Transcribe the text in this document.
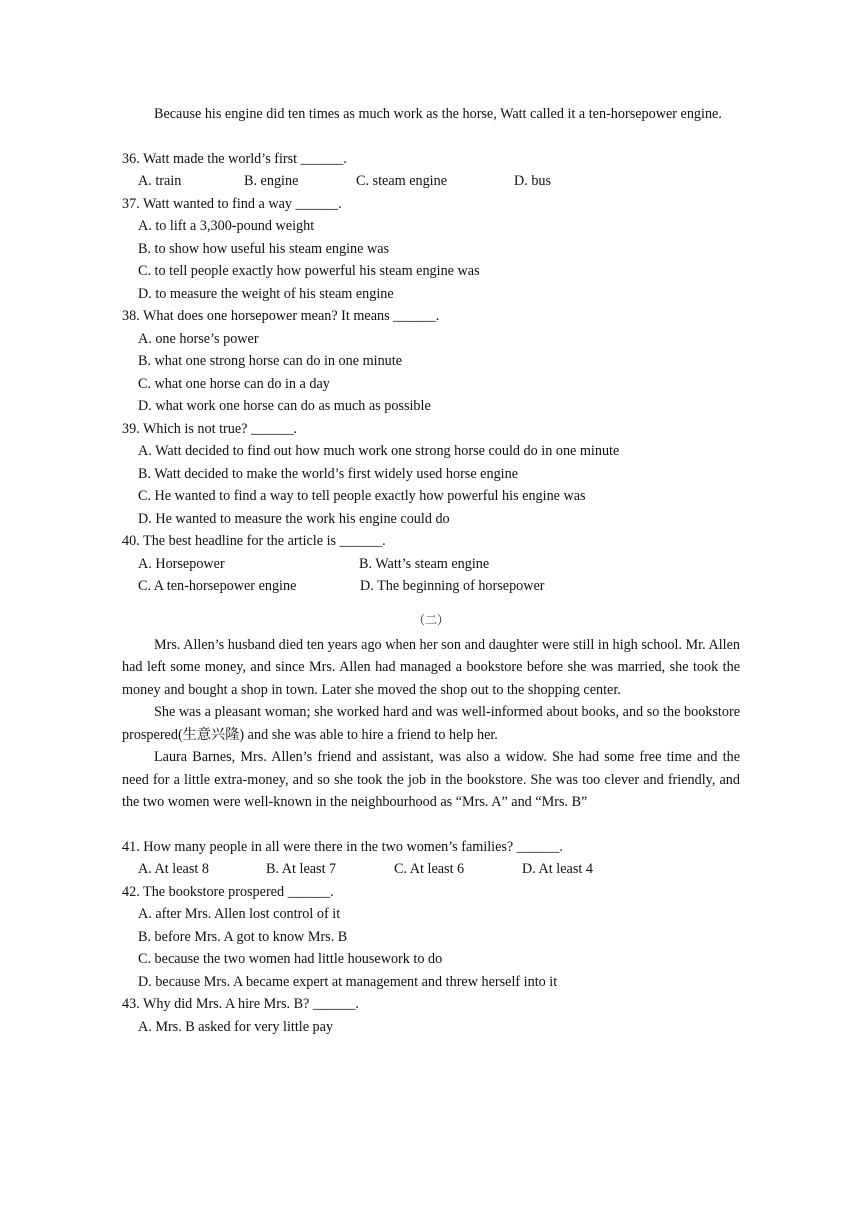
Because his engine did ten times as much work as the horse, Watt called it a ten-horsepower engine.

36. Watt made the world’s first ______.
A. train	B. engine	C. steam engine	D. bus
37. Watt wanted to find a way ______.
A. to lift a 3,300-pound weight
B. to show how useful his steam engine was
C. to tell people exactly how powerful his steam engine was
D. to measure the weight of his steam engine
38. What does one horsepower mean? It means ______.
A. one horse’s power
B. what one strong horse can do in one minute
C. what one horse can do in a day
D. what work one horse can do as much as possible
39. Which is not true? ______.
A. Watt decided to find out how much work one strong horse could do in one minute
B. Watt decided to make the world’s first widely used horse engine
C. He wanted to find a way to tell people exactly how powerful his engine was
D. He wanted to measure the work his engine could do
40. The best headline for the article is ______.
A. Horsepower	B. Watt’s steam engine
C. A ten-horsepower engine	D. The beginning of horsepower
（二）

Mrs. Allen’s husband died ten years ago when her son and daughter were still in high school. Mr. Allen had left some money, and since Mrs. Allen had managed a bookstore before she was married, she took the money and bought a shop in town. Later she moved the shop out to the shopping center.

She was a pleasant woman; she worked hard and was well-informed about books, and so the bookstore prospered(生意兴隆) and she was able to hire a friend to help her.

Laura Barnes, Mrs. Allen’s friend and assistant, was also a widow. She had some free time and the need for a little extra-money, and so she took the job in the bookstore. She was too clever and friendly, and the two women were well-known in the neighbourhood as “Mrs. A” and “Mrs. B”

41. How many people in all were there in the two women’s families? ______.
A. At least 8	B. At least 7	C. At least 6	D. At least 4
42. The bookstore prospered ______.
A. after Mrs. Allen lost control of it
B. before Mrs. A got to know Mrs. B
C. because the two women had little housework to do
D. because Mrs. A became expert at management and threw herself into it
43. Why did Mrs. A hire Mrs. B? ______.
A. Mrs. B asked for very little pay
